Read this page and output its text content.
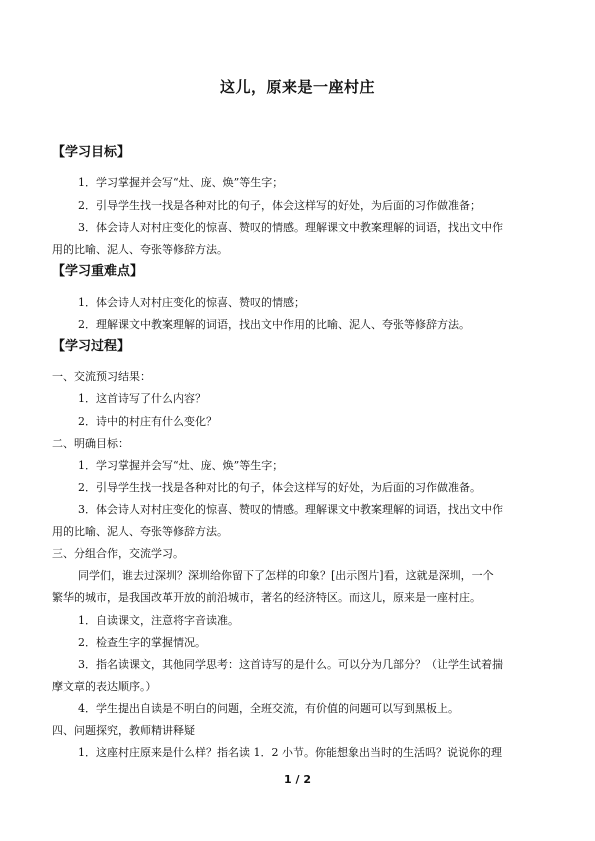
这儿，原来是一座村庄
【学习目标】
1．学习掌握并会写“灶、庞、焕”等生字；
2．引导学生找一找是各种对比的句子，体会这样写的好处，为后面的习作做准备；
3．体会诗人对村庄变化的惊喜、赞叹的情感。理解课文中教案理解的词语，找出文中作
用的比喻、泥人、夸张等修辞方法。
【学习重难点】
1．体会诗人对村庄变化的惊喜、赞叹的情感；
2．理解课文中教案理解的词语，找出文中作用的比喻、泥人、夸张等修辞方法。
【学习过程】
一、交流预习结果：
1．这首诗写了什么内容？
2．诗中的村庄有什么变化？
二、明确目标：
1．学习掌握并会写“灶、庞、焕”等生字；
2．引导学生找一找是各种对比的句子，体会这样写的好处，为后面的习作做准备。
3．体会诗人对村庄变化的惊喜、赞叹的情感。理解课文中教案理解的词语，找出文中作
用的比喻、泥人、夸张等修辞方法。
三、分组合作，交流学习。
同学们，谁去过深圳？深圳给你留下了怎样的印象？[出示图片]看，这就是深圳，一个
繁华的城市，是我国改革开放的前沿城市，著名的经济特区。而这儿，原来是一座村庄。
1．自读课文，注意将字音读准。
2．检查生字的掌握情况。
3．指名读课文，其他同学思考：这首诗写的是什么。可以分为几部分？（让学生试着揣
摩文章的表达顺序。）
4．学生提出自读是不明白的问题，全班交流，有价值的问题可以写到黑板上。
四、问题探究，教师精讲释疑
1．这座村庄原来是什么样？指名读 1．2 小节。你能想象出当时的生活吗？说说你的理
1 / 2
